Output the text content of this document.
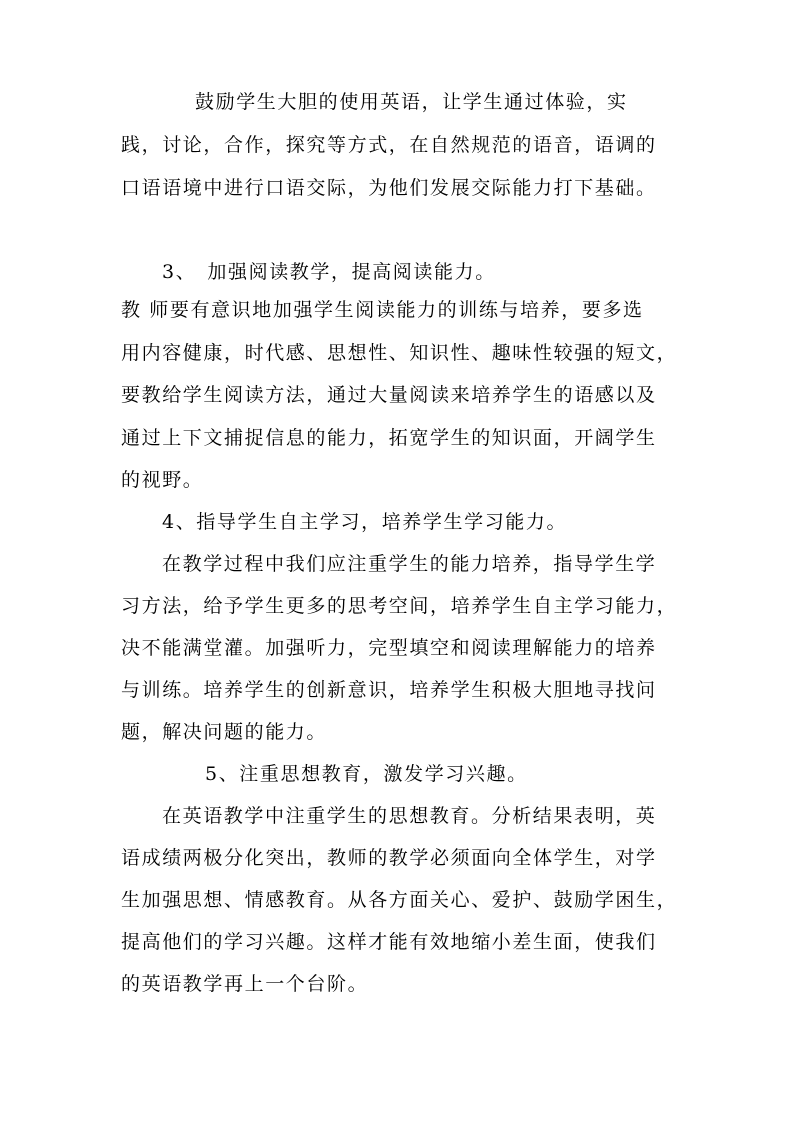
鼓励学生大胆的使用英语，让学生通过体验，实
践，讨论，合作，探究等方式，在自然规范的语音，语调的
口语语境中进行口语交际，为他们发展交际能力打下基础。
3、　加强阅读教学，提高阅读能力。
教 师要有意识地加强学生阅读能力的训练与培养，要多选
用内容健康，时代感、思想性、知识性、趣味性较强的短文，
要教给学生阅读方法，通过大量阅读来培养学生的语感以及
通过上下文捕捉信息的能力，拓宽学生的知识面，开阔学生
的视野。
4、指导学生自主学习，培养学生学习能力。
在教学过程中我们应注重学生的能力培养，指导学生学
习方法，给予学生更多的思考空间，培养学生自主学习能力，
决不能满堂灌。加强听力，完型填空和阅读理解能力的培养
与训练。培养学生的创新意识，培养学生积极大胆地寻找问
题，解决问题的能力。
5、注重思想教育，激发学习兴趣。
在英语教学中注重学生的思想教育。分析结果表明，英
语成绩两极分化突出，教师的教学必须面向全体学生，对学
生加强思想、情感教育。从各方面关心、爱护、鼓励学困生，
提高他们的学习兴趣。这样才能有效地缩小差生面，使我们
的英语教学再上一个台阶。
